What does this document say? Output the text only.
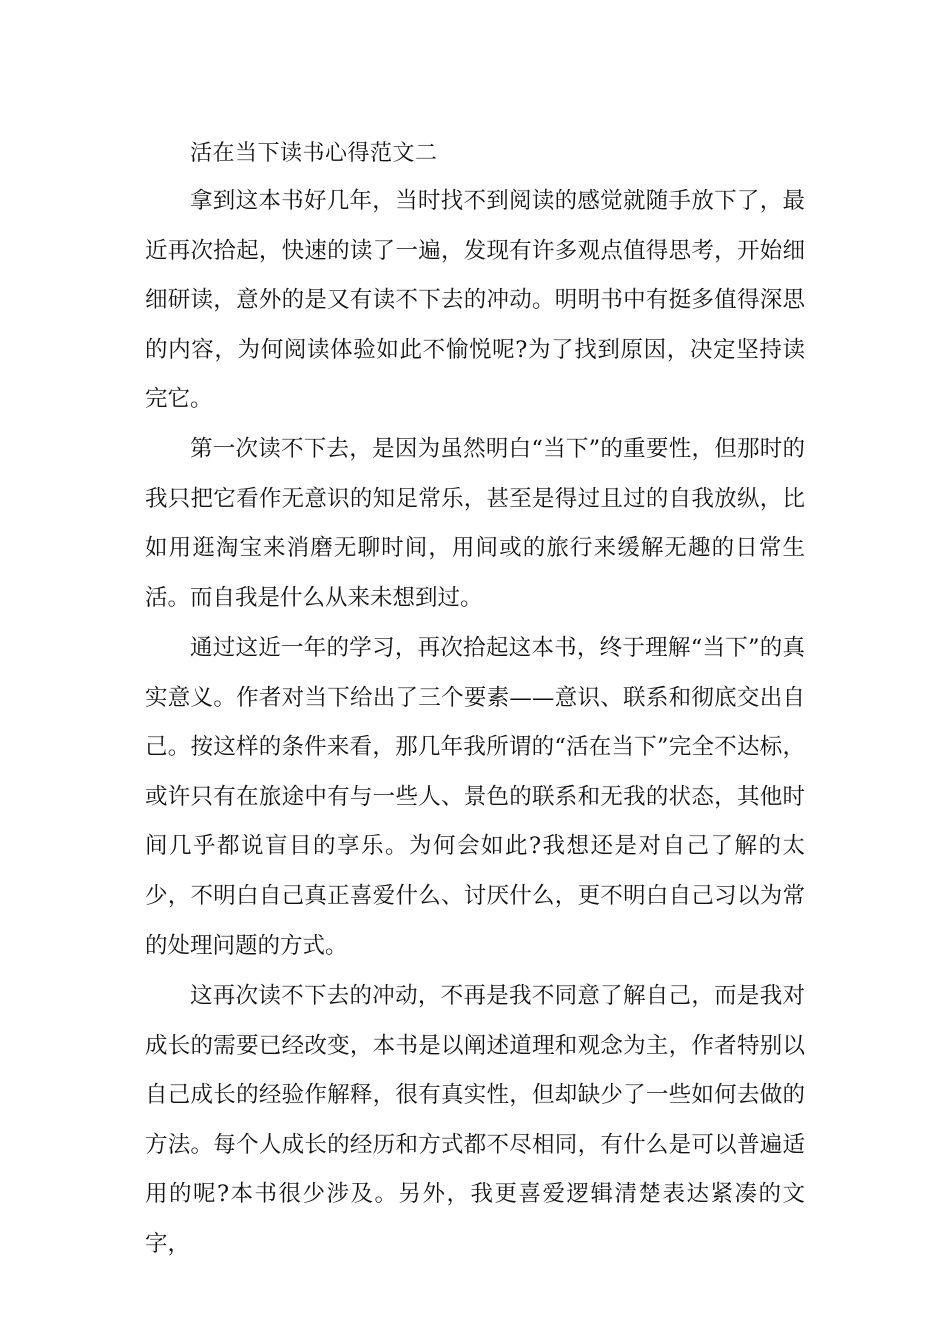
活在当下读书心得范文二

拿到这本书好几年，当时找不到阅读的感觉就随手放下了，最近再次拾起，快速的读了一遍，发现有许多观点值得思考，开始细细研读，意外的是又有读不下去的冲动。明明书中有挺多值得深思的内容，为何阅读体验如此不愉悦呢?为了找到原因，决定坚持读完它。

第一次读不下去，是因为虽然明白“当下”的重要性，但那时的我只把它看作无意识的知足常乐，甚至是得过且过的自我放纵，比如用逛淘宝来消磨无聊时间，用间或的旅行来缓解无趣的日常生活。而自我是什么从来未想到过。

通过这近一年的学习，再次拾起这本书，终于理解“当下”的真实意义。作者对当下给出了三个要素——意识、联系和彻底交出自己。按这样的条件来看，那几年我所谓的“活在当下”完全不达标，或许只有在旅途中有与一些人、景色的联系和无我的状态，其他时间几乎都说盲目的享乐。为何会如此?我想还是对自己了解的太少，不明白自己真正喜爱什么、讨厌什么，更不明白自己习以为常的处理问题的方式。

这再次读不下去的冲动，不再是我不同意了解自己，而是我对成长的需要已经改变，本书是以阐述道理和观念为主，作者特别以自己成长的经验作解释，很有真实性，但却缺少了一些如何去做的方法。每个人成长的经历和方式都不尽相同，有什么是可以普遍适用的呢?本书很少涉及。另外，我更喜爱逻辑清楚表达紧凑的文字，
